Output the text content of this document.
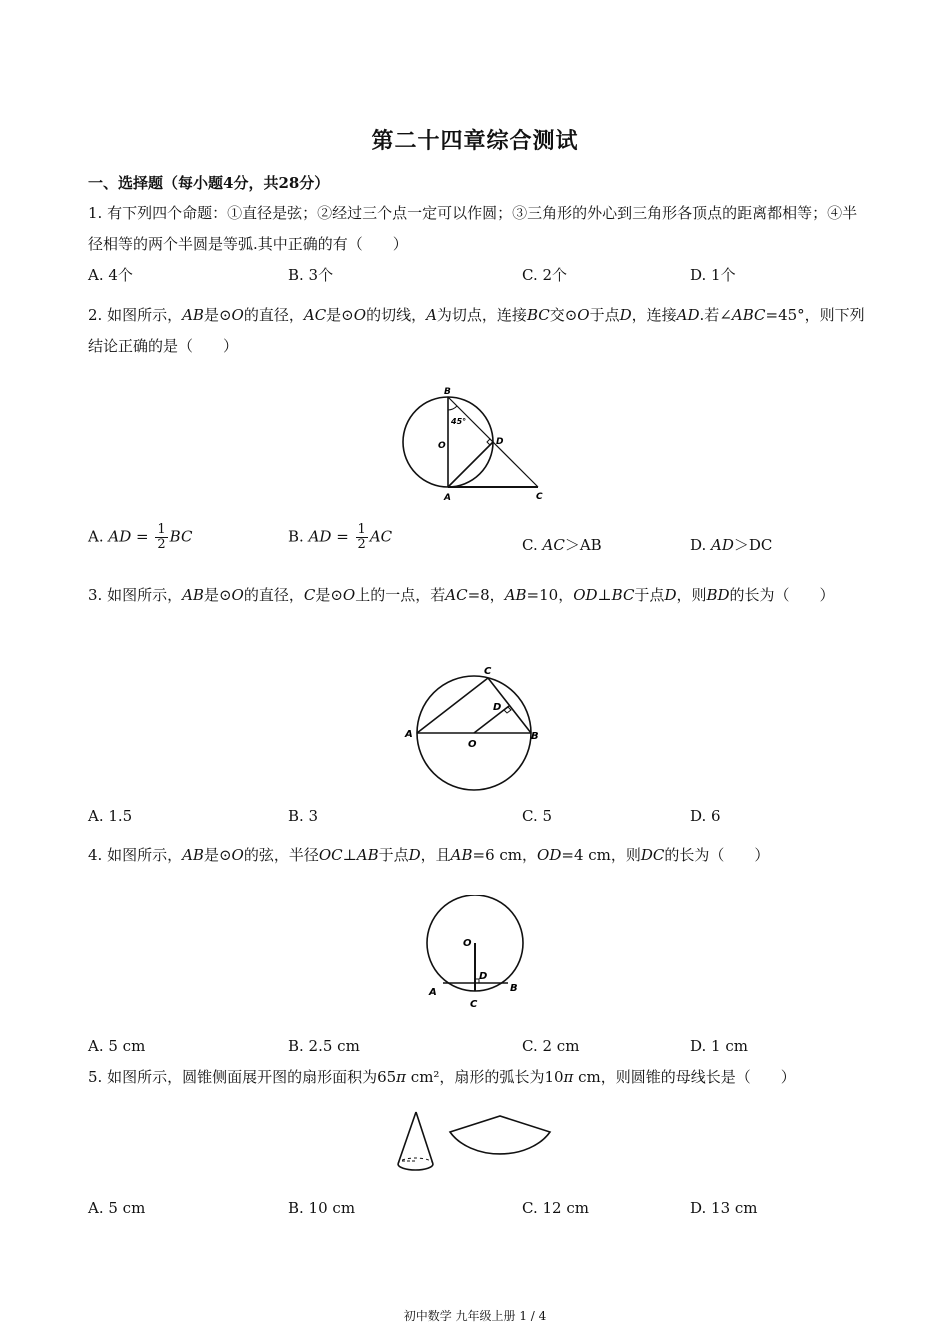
第二十四章综合测试
一、选择题（每小题4分，共28分）
1. 有下列四个命题：①直径是弦；②经过三个点一定可以作圆；③三角形的外心到三角形各顶点的距离都相等；④半径相等的两个半圆是等弧.其中正确的有（　　）
A. 4个	B. 3个	C. 2个	D. 1个
2. 如图所示，AB是⊙O的直径，AC是⊙O的切线，A为切点，连接BC交⊙O于点D，连接AD.若∠ABC=45°，则下列结论正确的是（　　）
B
45°
O	D
A	C
A. AD = $\frac{1}{2}$ BC	B. AD = $\frac{1}{2}$ AC	C. AC＞AB	D. AD＞DC
3. 如图所示，AB是⊙O的直径，C是⊙O上的一点，若AC=8，AB=10，OD⊥BC于点D，则BD的长为（　　）
C
D
A
O
B
A. 1.5	B. 3	C. 5	D. 6
4. 如图所示，AB是⊙O的弦，半径OC⊥AB于点D，且AB=6 cm，OD=4 cm，则DC的长为（　　）
O
D
A	B
C
A. 5 cm	B. 2.5 cm	C. 2 cm	D. 1 cm
5. 如图所示，圆锥侧面展开图的扇形面积为65π cm²，扇形的弧长为10π cm，则圆锥的母线长是（　　）
A. 5 cm	B. 10 cm	C. 12 cm	D. 13 cm
初中数学 九年级上册 1 / 4
